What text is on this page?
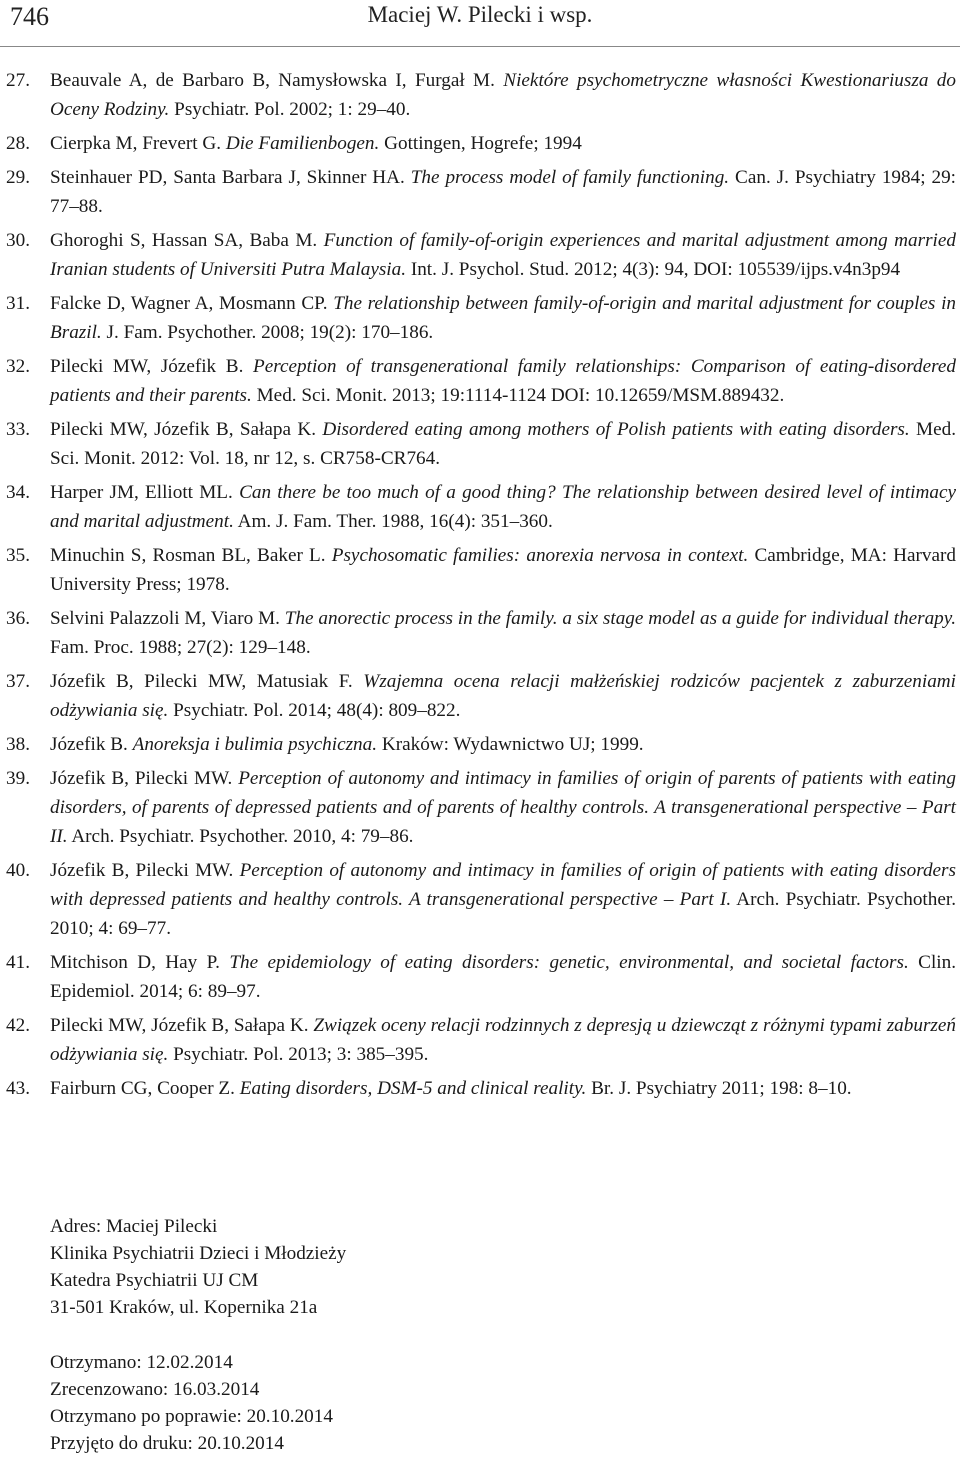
746	Maciej W. Pilecki i wsp.
27.	Beauvale A, de Barbaro B, Namysłowska I, Furgał M. Niektóre psychometryczne własności Kwestionariusza do Oceny Rodziny. Psychiatr. Pol. 2002; 1: 29–40.
28.	Cierpka M, Frevert G. Die Familienbogen. Gottingen, Hogrefe; 1994
29.	Steinhauer PD, Santa Barbara J, Skinner HA. The process model of family functioning. Can. J. Psychiatry 1984; 29: 77–88.
30.	Ghoroghi S, Hassan SA, Baba M. Function of family-of-origin experiences and marital adjustment among married Iranian students of Universiti Putra Malaysia. Int. J. Psychol. Stud. 2012; 4(3): 94, DOI: 105539/ijps.v4n3p94
31.	Falcke D, Wagner A, Mosmann CP. The relationship between family-of-origin and marital adjustment for couples in Brazil. J. Fam. Psychother. 2008; 19(2): 170–186.
32.	Pilecki MW, Józefik B. Perception of transgenerational family relationships: Comparison of eating-disordered patients and their parents. Med. Sci. Monit. 2013; 19:1114-1124 DOI: 10.12659/MSM.889432.
33.	Pilecki MW, Józefik B, Sałapa K. Disordered eating among mothers of Polish patients with eating disorders. Med. Sci. Monit. 2012: Vol. 18, nr 12, s. CR758-CR764.
34.	Harper JM, Elliott ML. Can there be too much of a good thing? The relationship between desired level of intimacy and marital adjustment. Am. J. Fam. Ther. 1988, 16(4): 351–360.
35.	Minuchin S, Rosman BL, Baker L. Psychosomatic families: anorexia nervosa in context. Cambridge, MA: Harvard University Press; 1978.
36.	Selvini Palazzoli M, Viaro M. The anorectic process in the family. a six stage model as a guide for individual therapy. Fam. Proc. 1988; 27(2): 129–148.
37.	Józefik B, Pilecki MW, Matusiak F. Wzajemna ocena relacji małżeńskiej rodziców pacjentek z zaburzeniami odżywiania się. Psychiatr. Pol. 2014; 48(4): 809–822.
38.	Józefik B. Anoreksja i bulimia psychiczna. Kraków: Wydawnictwo UJ; 1999.
39.	Józefik B, Pilecki MW. Perception of autonomy and intimacy in families of origin of parents of patients with eating disorders, of parents of depressed patients and of parents of healthy controls. A transgenerational perspective – Part II. Arch. Psychiatr. Psychother. 2010, 4: 79–86.
40.	Józefik B, Pilecki MW. Perception of autonomy and intimacy in families of origin of patients with eating disorders with depressed patients and healthy controls. A transgenerational perspective – Part I. Arch. Psychiatr. Psychother. 2010; 4: 69–77.
41.	Mitchison D, Hay P. The epidemiology of eating disorders: genetic, environmental, and societal factors. Clin. Epidemiol. 2014; 6: 89–97.
42.	Pilecki MW, Józefik B, Sałapa K. Związek oceny relacji rodzinnych z depresją u dziewcząt z różnymi typami zaburzeń odżywiania się. Psychiatr. Pol. 2013; 3: 385–395.
43.	Fairburn CG, Cooper Z. Eating disorders, DSM-5 and clinical reality. Br. J. Psychiatry 2011; 198: 8–10.
Adres: Maciej Pilecki
Klinika Psychiatrii Dzieci i Młodzieży
Katedra Psychiatrii UJ CM
31-501 Kraków, ul. Kopernika 21a
Otrzymano: 12.02.2014
Zrecenzowano: 16.03.2014
Otrzymano po poprawie: 20.10.2014
Przyjęto do druku: 20.10.2014
